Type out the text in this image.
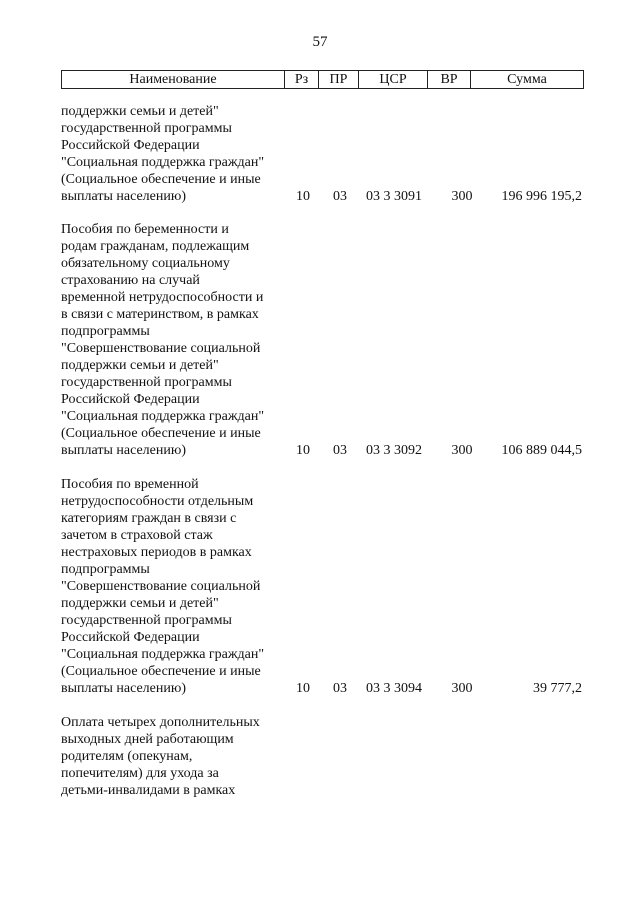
57
Наименование	Рз	ПР	ЦСР	ВР	Сумма
поддержки семьи и детей"
государственной программы
Российской Федерации
"Социальная поддержка граждан"
(Социальное обеспечение и иные
выплаты населению)	10	03	03 3 3091	300	196 996 195,2
Пособия по беременности и
родам гражданам, подлежащим
обязательному социальному
страхованию на случай
временной нетрудоспособности и
в связи с материнством, в рамках
подпрограммы
"Совершенствование социальной
поддержки семьи и детей"
государственной программы
Российской Федерации
"Социальная поддержка граждан"
(Социальное обеспечение и иные
выплаты населению)	10	03	03 3 3092	300	106 889 044,5
Пособия по временной
нетрудоспособности отдельным
категориям граждан в связи с
зачетом в страховой стаж
нестраховых периодов в рамках
подпрограммы
"Совершенствование социальной
поддержки семьи и детей"
государственной программы
Российской Федерации
"Социальная поддержка граждан"
(Социальное обеспечение и иные
выплаты населению)	10	03	03 3 3094	300	39 777,2
Оплата четырех дополнительных
выходных дней работающим
родителям (опекунам,
попечителям) для ухода за
детьми-инвалидами в рамках
